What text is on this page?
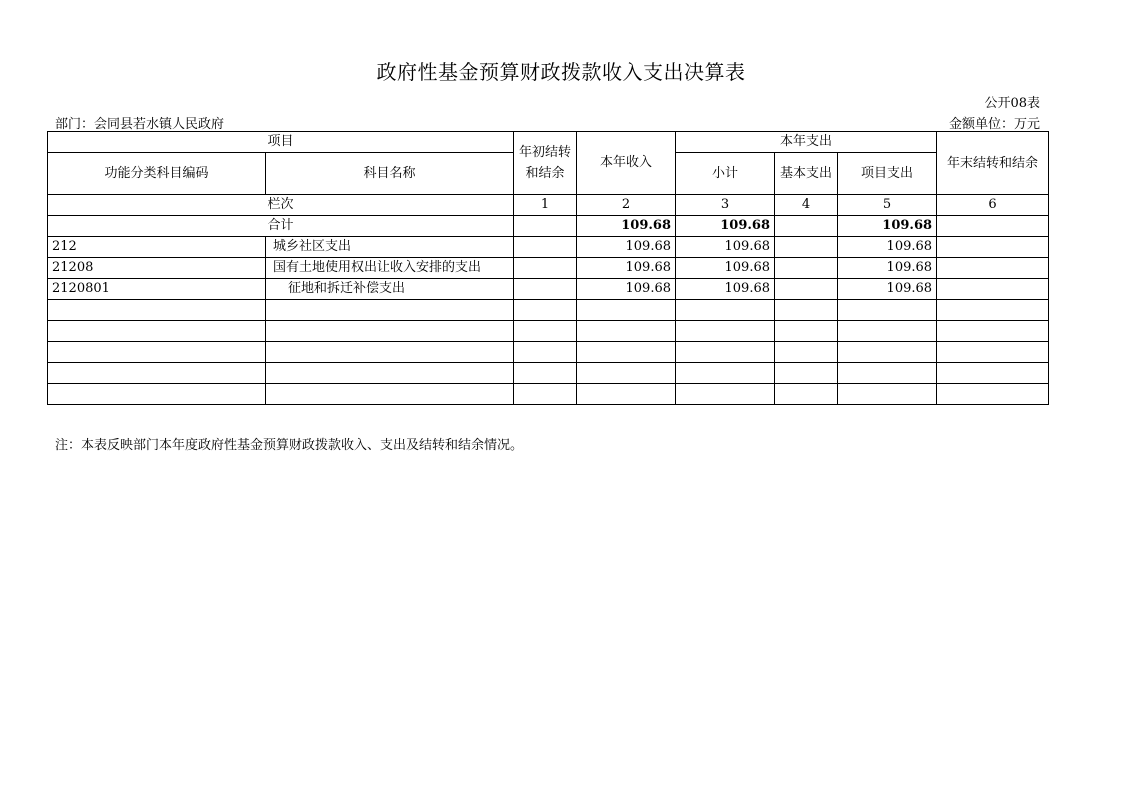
政府性基金预算财政拨款收入支出决算表
公开08表
部门：会同县若水镇人民政府	金额单位：万元
项目		年初结转和结余	本年收入	本年支出			年末结转和结余
功能分类科目编码	科目名称			小计	基本支出	项目支出	
栏次		1	2	3	4	5	6
合计			109.68	109.68		109.68	
212	城乡社区支出		109.68	109.68		109.68	
21208	国有土地使用权出让收入安排的支出		109.68	109.68		109.68	
2120801	征地和拆迁补偿支出		109.68	109.68		109.68	

注：本表反映部门本年度政府性基金预算财政拨款收入、支出及结转和结余情况。
